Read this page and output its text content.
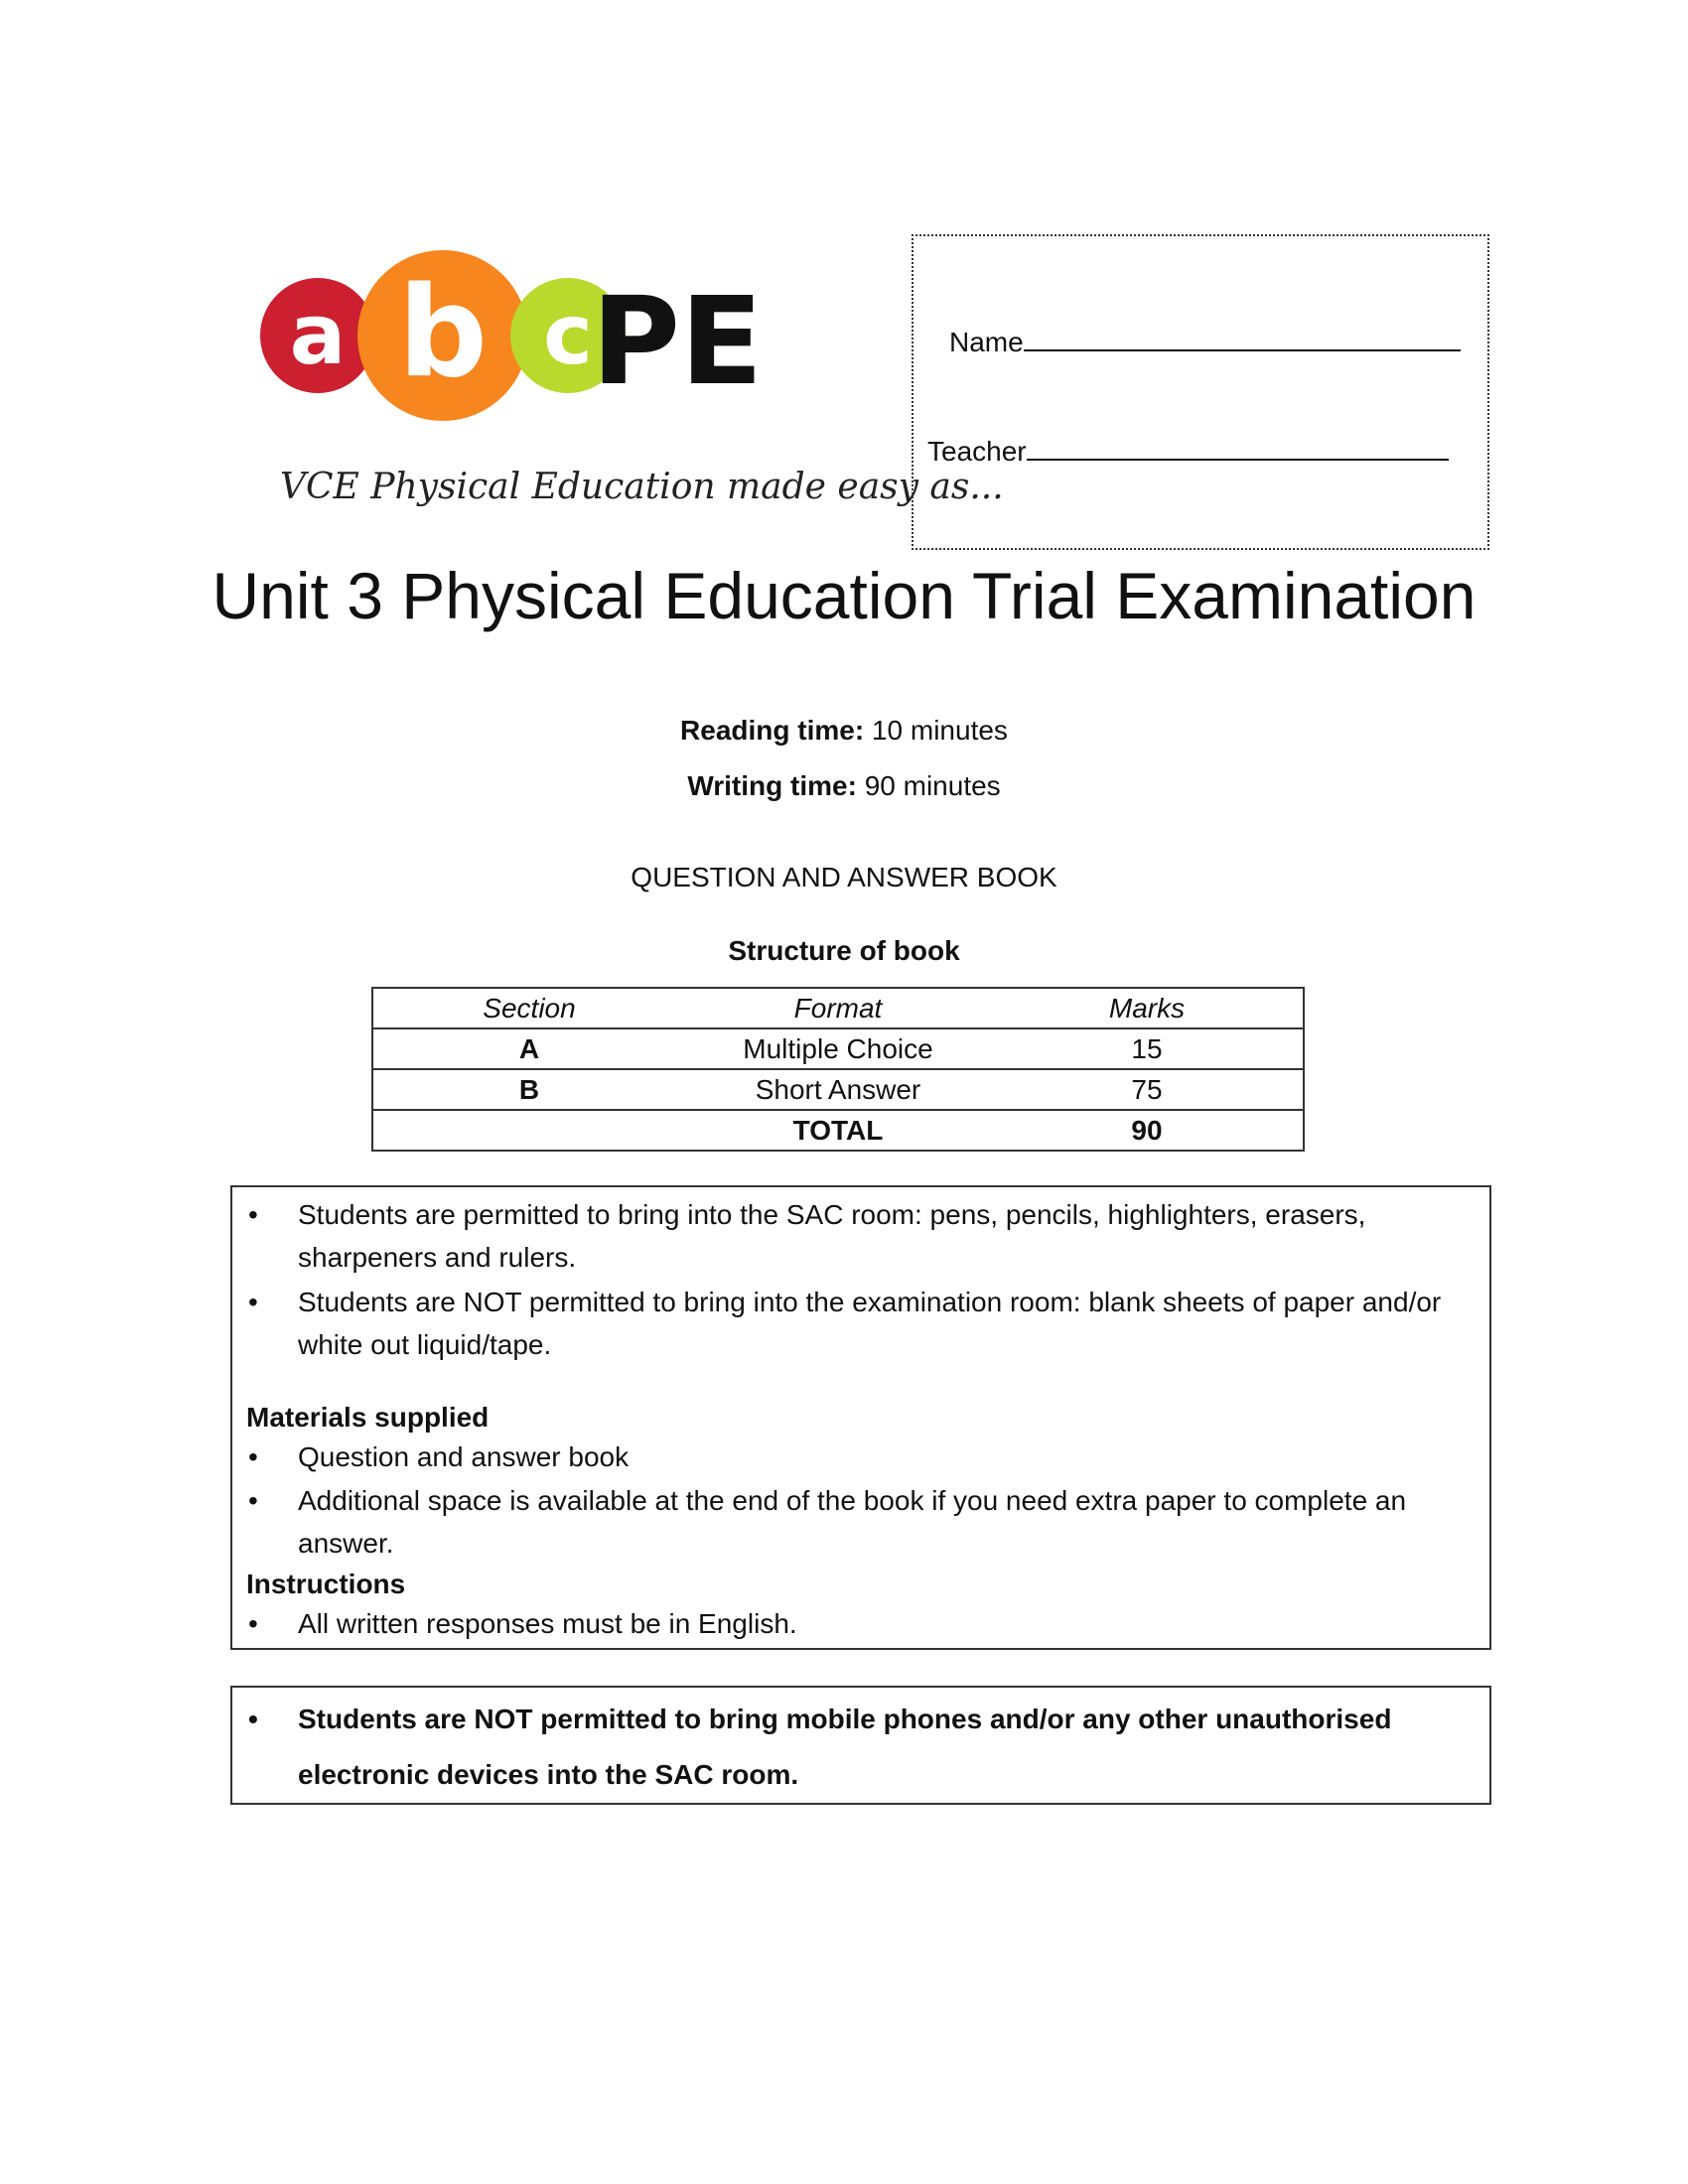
a b c
PE
VCE Physical Education made easy as...
Name
Teacher
Unit 3 Physical Education Trial Examination
Reading time: 10 minutes
Writing time: 90 minutes
QUESTION AND ANSWER BOOK
Structure of book
Section	Format	Marks
A	Multiple Choice	15
B	Short Answer	75
	TOTAL	90
• Students are permitted to bring into the SAC room: pens, pencils, highlighters, erasers, sharpeners and rulers.
• Students are NOT permitted to bring into the examination room: blank sheets of paper and/or white out liquid/tape.
Materials supplied
• Question and answer book
• Additional space is available at the end of the book if you need extra paper to complete an answer.
Instructions
• All written responses must be in English.
• Students are NOT permitted to bring mobile phones and/or any other unauthorised electronic devices into the SAC room.
